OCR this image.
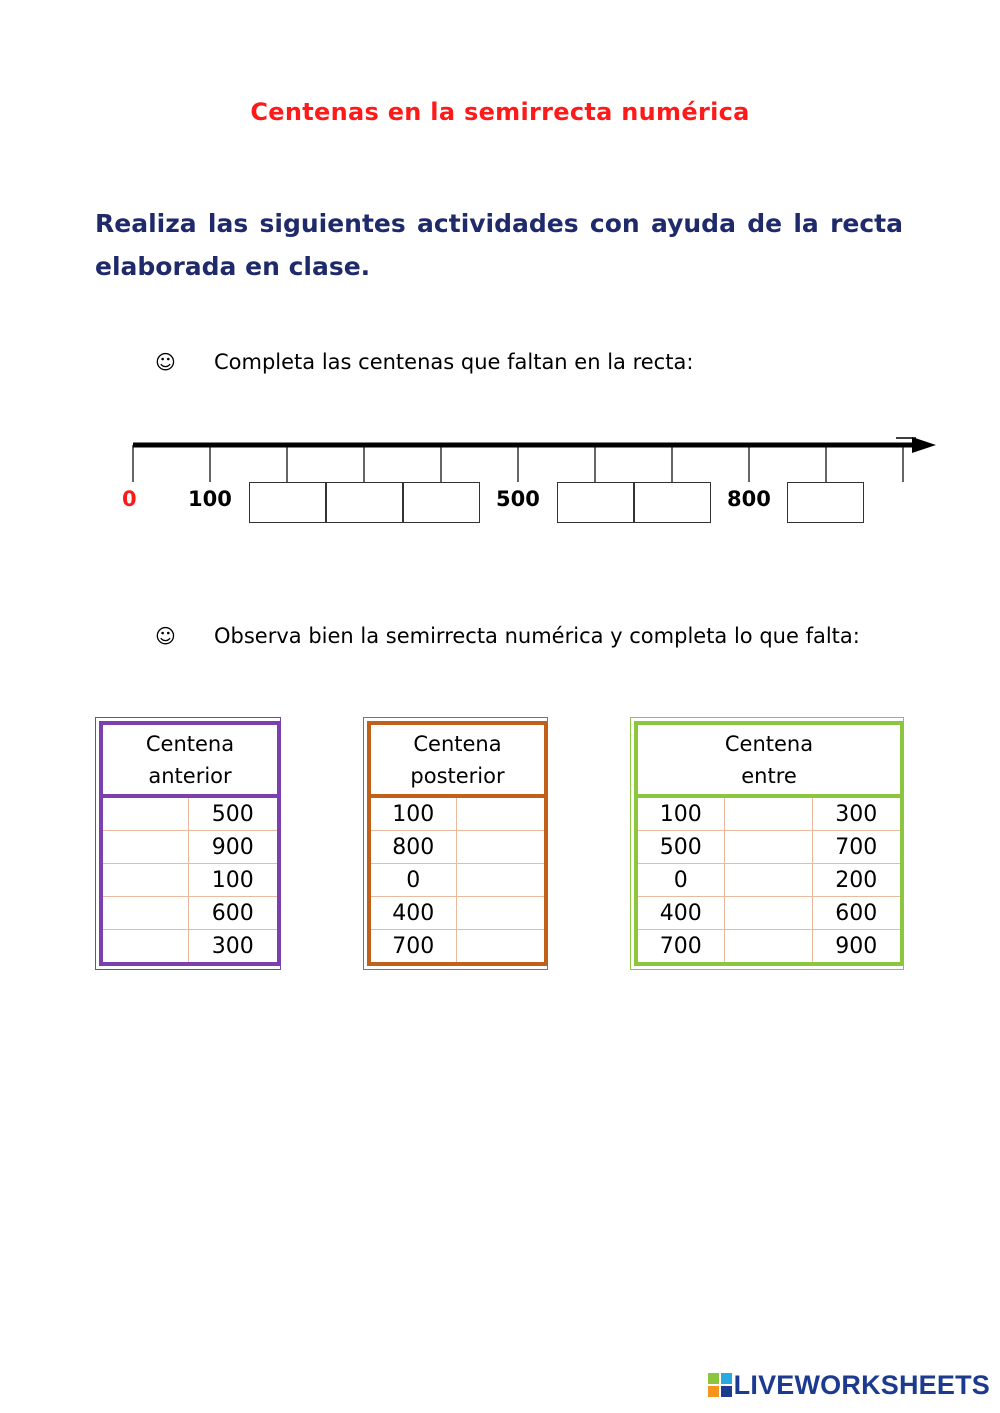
Centenas en la semirrecta numérica
Realiza las siguientes actividades con ayuda de la recta elaborada en clase.
☺ Completa las centenas que faltan en la recta:
0 100	500	800
☺ Observa bien la semirrecta numérica y completa lo que falta:
Centena
anterior	

	500
	900
	100
	600
	300
Centena
posterior	

100	
800	
0	
400	
700	
Centena
entre		

100		300
500		700
0		200
400		600
700		900
LIVEWORKSHEETS
